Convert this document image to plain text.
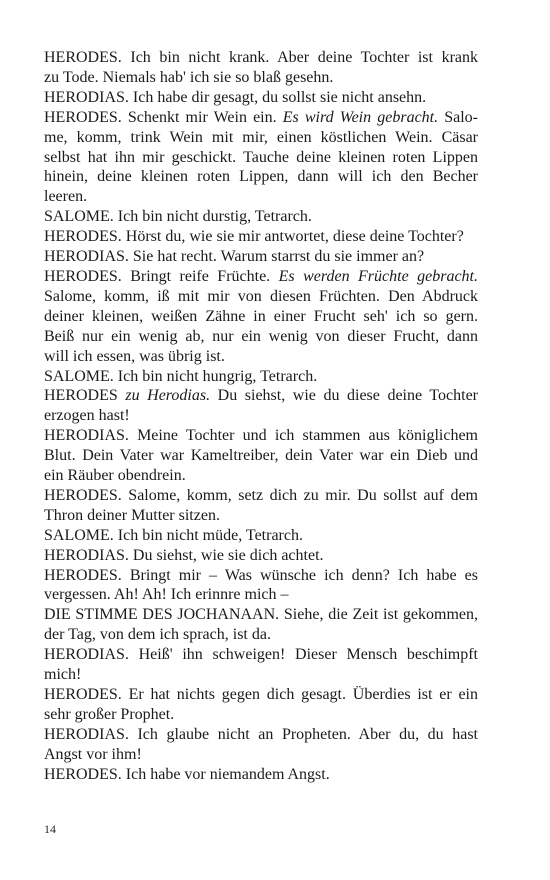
HERODES. Ich bin nicht krank. Aber deine Tochter ist krank
zu Tode. Niemals hab' ich sie so blaß gesehn.
HERODIAS. Ich habe dir gesagt, du sollst sie nicht ansehn.
HERODES. Schenkt mir Wein ein. Es wird Wein gebracht. Salo-
me, komm, trink Wein mit mir, einen köstlichen Wein. Cäsar
selbst hat ihn mir geschickt. Tauche deine kleinen roten Lippen
hinein, deine kleinen roten Lippen, dann will ich den Becher
leeren.
SALOME. Ich bin nicht durstig, Tetrarch.
HERODES. Hörst du, wie sie mir antwortet, diese deine Tochter?
HERODIAS. Sie hat recht. Warum starrst du sie immer an?
HERODES. Bringt reife Früchte. Es werden Früchte gebracht.
Salome, komm, iß mit mir von diesen Früchten. Den Abdruck
deiner kleinen, weißen Zähne in einer Frucht seh' ich so gern.
Beiß nur ein wenig ab, nur ein wenig von dieser Frucht, dann
will ich essen, was übrig ist.
SALOME. Ich bin nicht hungrig, Tetrarch.
HERODES zu Herodias. Du siehst, wie du diese deine Tochter
erzogen hast!
HERODIAS. Meine Tochter und ich stammen aus königlichem
Blut. Dein Vater war Kameltreiber, dein Vater war ein Dieb und
ein Räuber obendrein.
HERODES. Salome, komm, setz dich zu mir. Du sollst auf dem
Thron deiner Mutter sitzen.
SALOME. Ich bin nicht müde, Tetrarch.
HERODIAS. Du siehst, wie sie dich achtet.
HERODES. Bringt mir – Was wünsche ich denn? Ich habe es
vergessen. Ah! Ah! Ich erinnre mich –
DIE STIMME DES JOCHANAAN. Siehe, die Zeit ist gekommen,
der Tag, von dem ich sprach, ist da.
HERODIAS. Heiß' ihn schweigen! Dieser Mensch beschimpft
mich!
HERODES. Er hat nichts gegen dich gesagt. Überdies ist er ein
sehr großer Prophet.
HERODIAS. Ich glaube nicht an Propheten. Aber du, du hast
Angst vor ihm!
HERODES. Ich habe vor niemandem Angst.
14
